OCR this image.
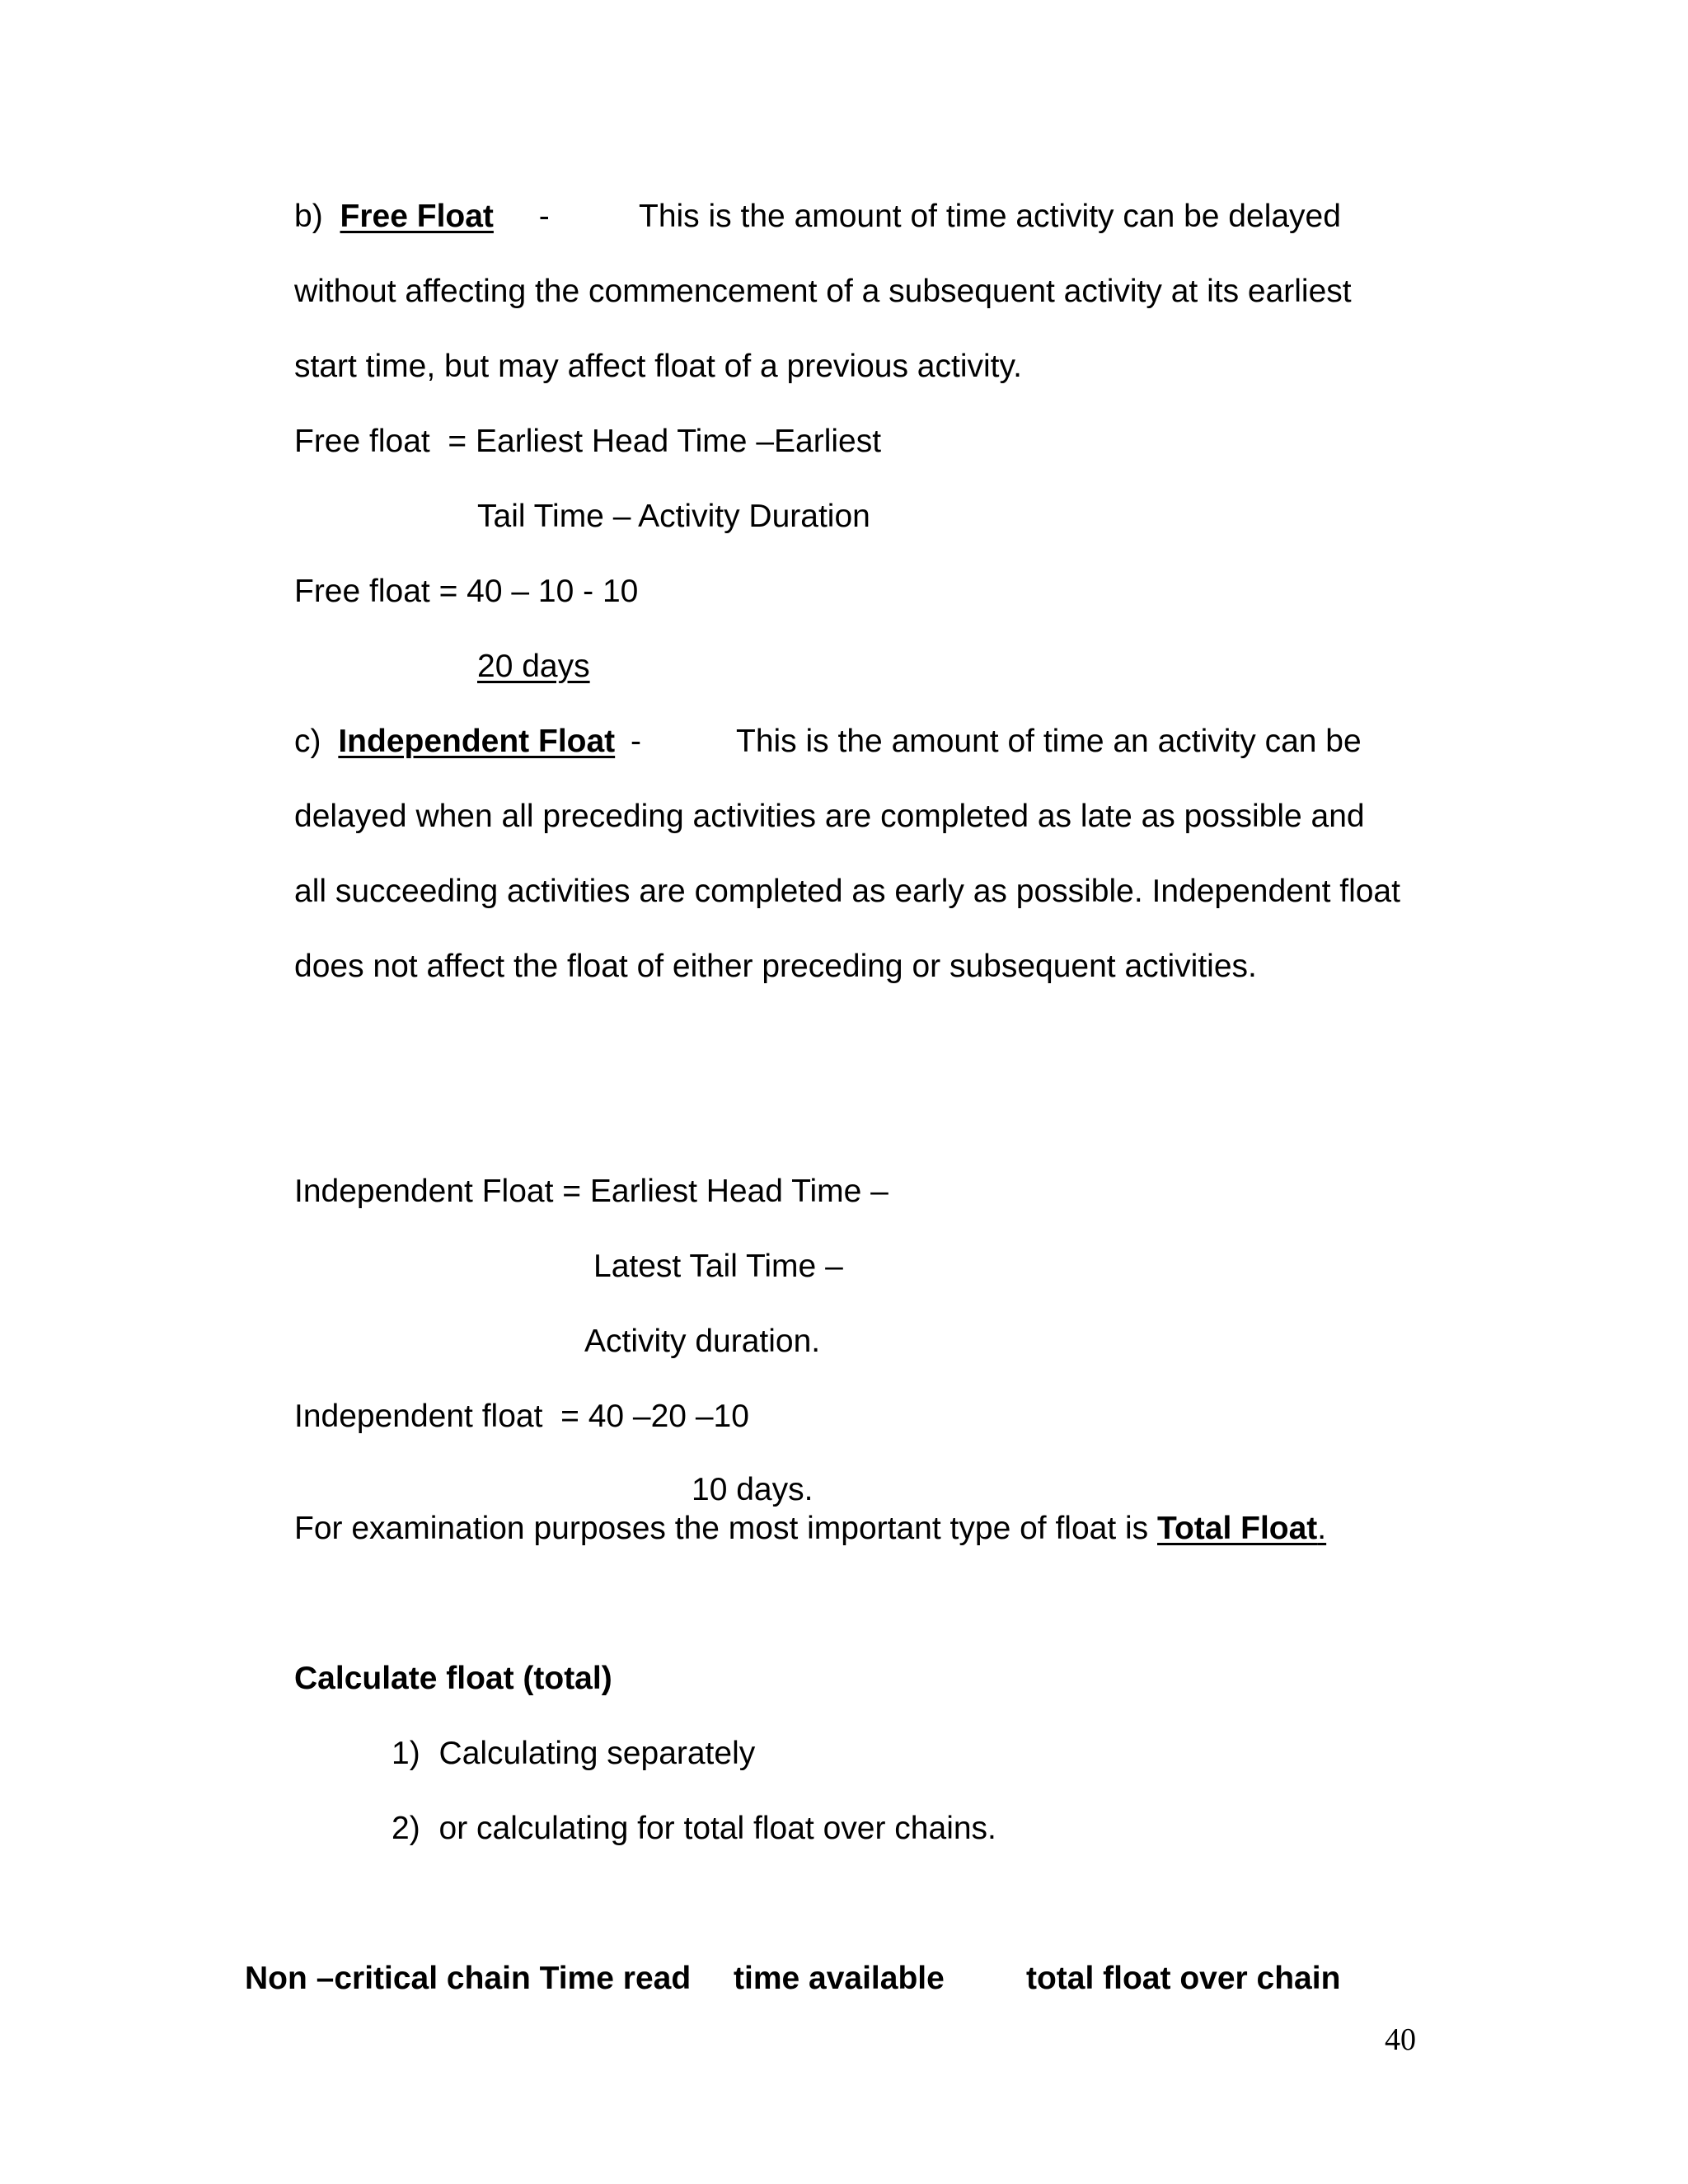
b) Free Float -	This is the amount of time activity can be delayed
without affecting the commencement of a subsequent activity at its earliest
start time, but may affect float of a previous activity.
Free float  = Earliest Head Time –Earliest
Tail Time – Activity Duration
Free float = 40 – 10 - 10
20 days
c) Independent Float -	This is the amount of time an activity can be
delayed when all preceding activities are completed as late as possible and
all succeeding activities are completed as early as possible. Independent float
does not affect the float of either preceding or subsequent activities.
Independent Float = Earliest Head Time –
Latest Tail Time –
Activity duration.
Independent float  = 40 –20 –10
10 days.
For examination purposes the most important type of float is Total Float.
Calculate float (total)
1) Calculating separately
2) or calculating for total float over chains.
Non –critical chain Time read time available	total float over chain
40
